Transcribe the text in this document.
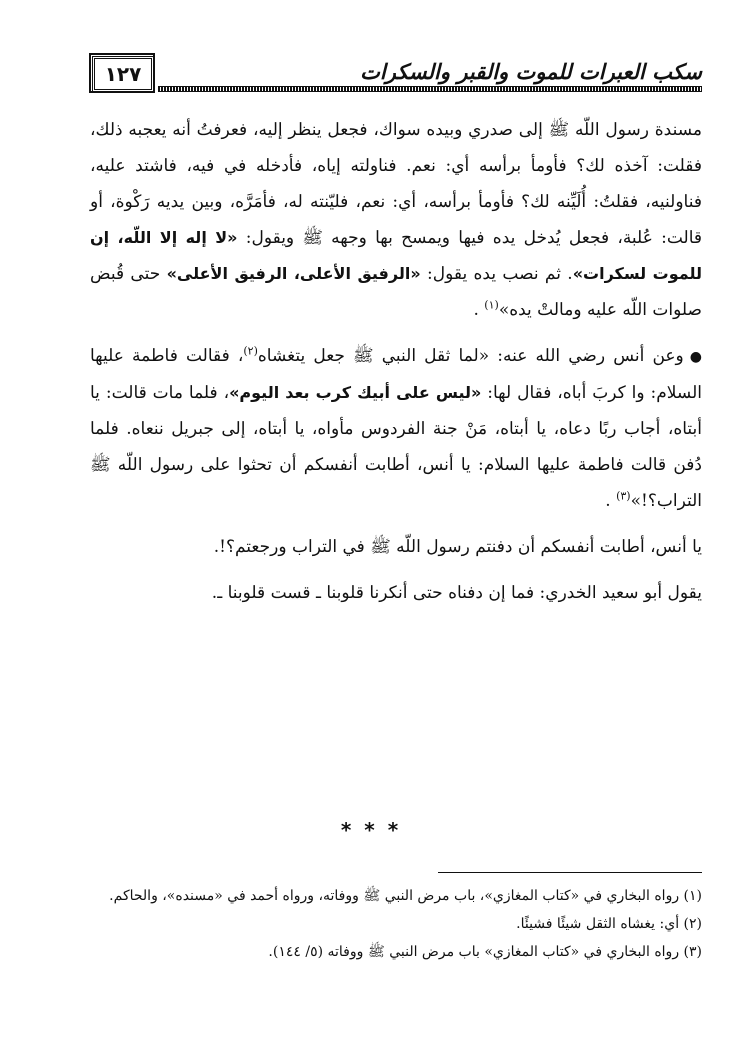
١٢٧	سكب العبرات للموت والقبر والسكرات

مسندة رسول اللّه ﷺ إلى صدري وبيده سواك، فجعل ينظر إليه، فعرفتُ أنه يعجبه ذلك، فقلت: آخذه لك؟ فأومأ برأسه أي: نعم. فناولته إياه، فأدخله في فيه، فاشتد عليه، فناولنيه، فقلتُ: أُلَيِّنه لك؟ فأومأ برأسه، أي: نعم، فليّنته له، فأمَرَّه، وبين يديه رَكْوة، أو قالت: عُلبة، فجعل يُدخل يده فيها ويمسح بها وجهه ﷺ ويقول: «لا إله إلا اللّه، إن للموت لسكرات». ثم نصب يده يقول: «الرفيق الأعلى، الرفيق الأعلى» حتى قُبض صلوات اللّه عليه ومالتْ يده»$^{(١)}$ .

●وعن أنس رضي الله عنه: «لما ثقل النبي ﷺ جعل يتغشاه$^{(٢)}$، فقالت فاطمة عليها السلام: وا كربَ أباه، فقال لها: «ليس على أبيك كرب بعد اليوم»، فلما مات قالت: يا أبتاه، أجاب ربًا دعاه، يا أبتاه، مَنْ جنة الفردوس مأواه، يا أبتاه، إلى جبريل ننعاه. فلما دُفن قالت فاطمة عليها السلام: يا أنس، أطابت أنفسكم أن تحثوا على رسول اللّه ﷺ التراب؟!»$^{(٣)}$ .

يا أنس، أطابت أنفسكم أن دفنتم رسول اللّه ﷺ في التراب ورجعتم؟!.

يقول أبو سعيد الخدري: فما إن دفناه حتى أنكرنا قلوبنا ـ قست قلوبنا ـ.

* * *

(١) رواه البخاري في «كتاب المغازي»، باب مرض النبي ﷺ ووفاته، ورواه أحمد في «مسنده»، والحاكم.

(٢) أي: يغشاه الثقل شيئًا فشيئًا.

(٣) رواه البخاري في «كتاب المغازي» باب مرض النبي ﷺ ووفاته (٥/ ١٤٤).
